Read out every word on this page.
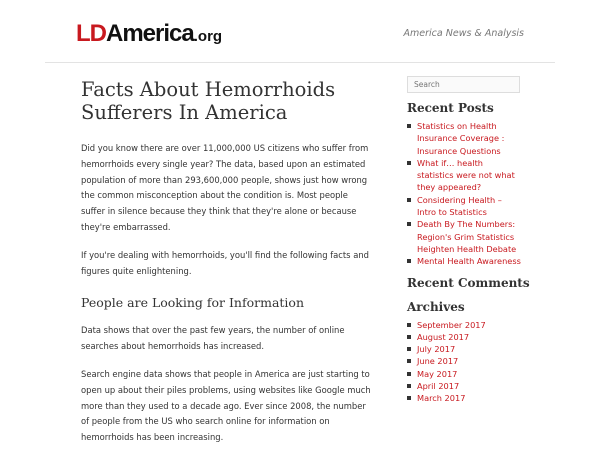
LDAmerica.org	America News & Analysis
Facts About Hemorrhoids Sufferers In America

Did you know there are over 11,000,000 US citizens who suffer from hemorrhoids every single year? The data, based upon an estimated population of more than 293,600,000 people, shows just how wrong the common misconception about the condition is. Most people suffer in silence because they think that they're alone or because they're embarrassed.

If you're dealing with hemorrhoids, you'll find the following facts and figures quite enlightening.

People are Looking for Information

Data shows that over the past few years, the number of online searches about hemorrhoids has increased.

Search engine data shows that people in America are just starting to open up about their piles problems, using websites like Google much more than they used to a decade ago. Ever since 2008, the number of people from the US who search online for information on hemorrhoids has been increasing.

Search
Recent Posts
Statistics on Health Insurance Coverage : Insurance Questions
What if… health statistics were not what they appeared?
Considering Health – Intro to Statistics
Death By The Numbers: Region's Grim Statistics Heighten Health Debate
Mental Health Awareness
Recent Comments
Archives
September 2017
August 2017
July 2017
June 2017
May 2017
April 2017
March 2017
